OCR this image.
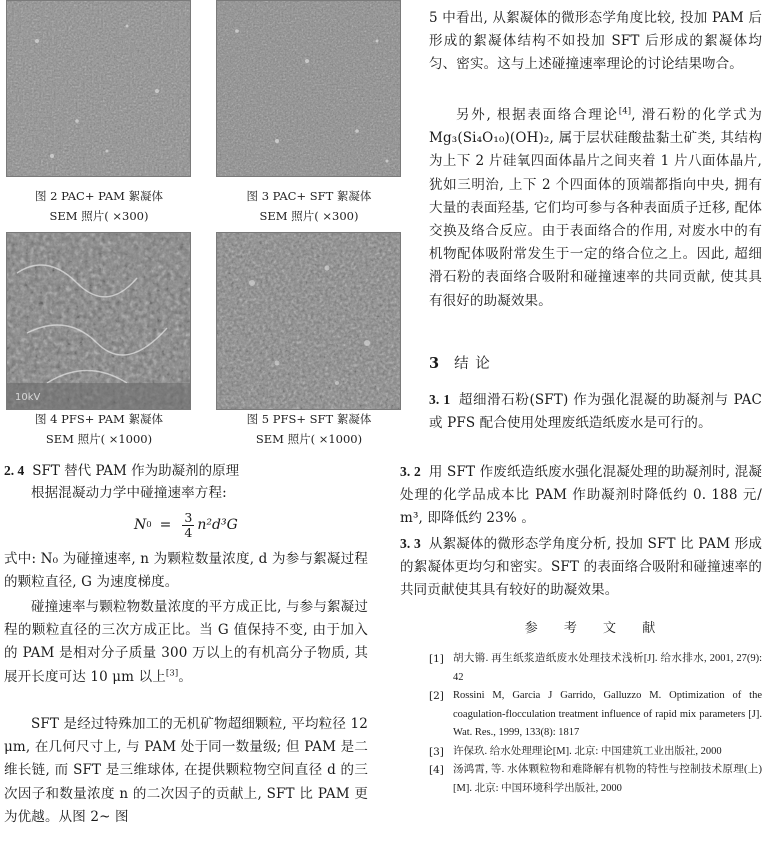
图 2 PAC+ PAM 絮凝体
SEM 照片( ×300)
图 3 PAC+ SFT 絮凝体
SEM 照片( ×300)
10kV
图 4 PFS+ PAM 絮凝体
SEM 照片( ×1000)
图 5 PFS+ SFT 絮凝体
SEM 照片( ×1000)
2. 4 SFT 替代 PAM 作为助凝剂的原理
根据混凝动力学中碰撞速率方程:
N $0 = \frac{3}{4} n^2d^3G$
式中: N₀ 为碰撞速率, n 为颗粒数量浓度, d 为参与絮凝过程的颗粒直径, G 为速度梯度。
碰撞速率与颗粒物数量浓度的平方成正比, 与参与絮凝过程的颗粒直径的三次方成正比。当 G 值保持不变, 由于加入的 PAM 是相对分子质量 300 万以上的有机高分子物质, 其展开长度可达 10 μm 以上[3]。
SFT 是经过特殊加工的无机矿物超细颗粒, 平均粒径 12 μm, 在几何尺寸上, 与 PAM 处于同一数量级; 但 PAM 是二维长链, 而 SFT 是三维球体, 在提供颗粒物空间直径 d 的三次因子和数量浓度 n 的二次因子的贡献上, SFT 比 PAM 更为优越。从图 2~ 图
5 中看出, 从絮凝体的微形态学角度比较, 投加 PAM 后形成的絮凝体结构不如投加 SFT 后形成的絮凝体均匀、密实。这与上述碰撞速率理论的讨论结果吻合。
另外, 根据表面络合理论[4], 滑石粉的化学式为 Mg₃(Si₄O₁₀)(OH)₂, 属于层状硅酸盐黏土矿类, 其结构为上下 2 片硅氧四面体晶片之间夹着 1 片八面体晶片, 犹如三明治, 上下 2 个四面体的顶端都指向中央, 拥有大量的表面羟基, 它们均可参与各种表面质子迁移, 配体交换及络合反应。由于表面络合的作用, 对废水中的有机物配体吸附常发生于一定的络合位之上。因此, 超细滑石粉的表面络合吸附和碰撞速率的共同贡献, 使其具有很好的助凝效果。
3 结 论
3. 1 超细滑石粉(SFT) 作为强化混凝的助凝剂与 PAC 或 PFS 配合使用处理废纸造纸废水是可行的。
3. 2 用 SFT 作废纸造纸废水强化混凝处理的助凝剂时, 混凝处理的化学品成本比 PAM 作助凝剂时降低约 0. 188 元/ m³, 即降低约 23% 。
3. 3 从絮凝体的微形态学角度分析, 投加 SFT 比 PAM 形成的絮凝体更均匀和密实。SFT 的表面络合吸附和碰撞速率的共同贡献使其具有较好的助凝效果。
参 考 文 献
[1] 胡大锵. 再生纸浆造纸废水处理技术浅析[J]. 给水排水, 2001, 27(9): 42
[2] Rossini M, Garcia J Garrido, Galluzzo M. Optimization of the coagulation-flocculation treatment influence of rapid mix parameters [J]. Wat. Res., 1999, 133(8): 1817
[3] 许保玖. 给水处理理论[M]. 北京: 中国建筑工业出版社, 2000
[4] 汤鸿霄, 等. 水体颗粒物和难降解有机物的特性与控制技术原理(上)[M]. 北京: 中国环境科学出版社, 2000
